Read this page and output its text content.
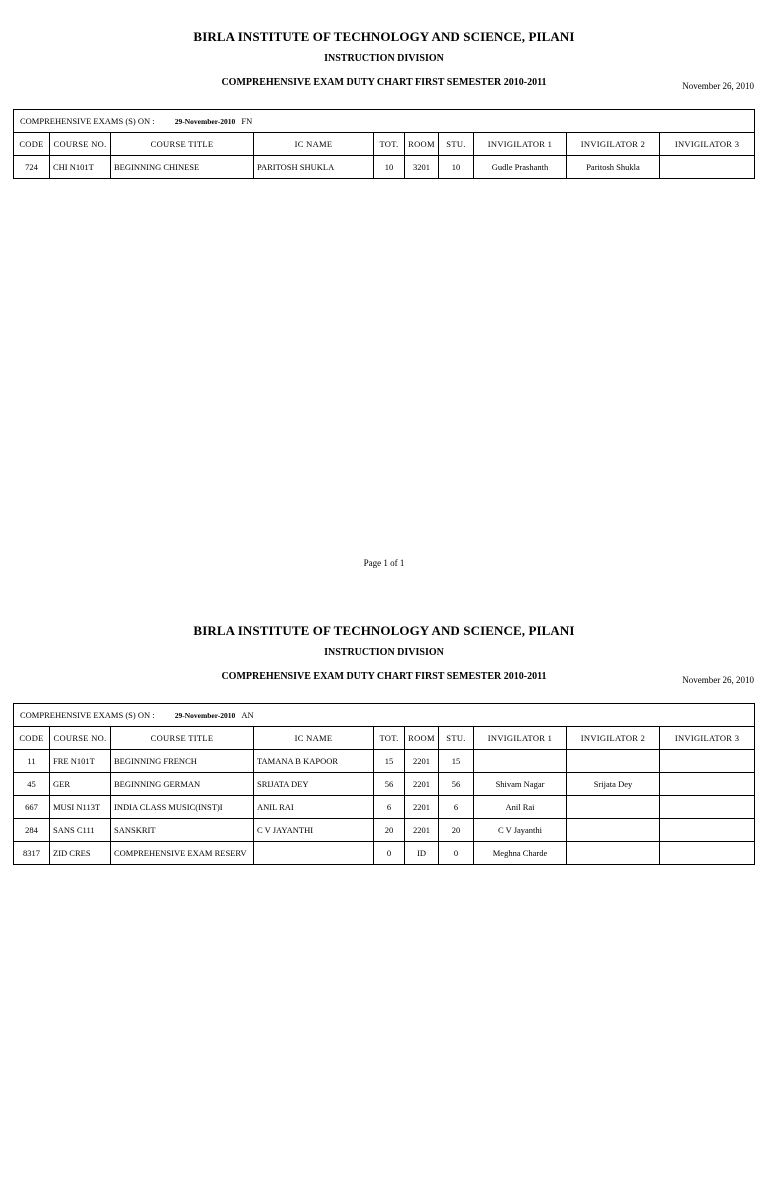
BIRLA INSTITUTE OF TECHNOLOGY AND SCIENCE, PILANI
INSTRUCTION DIVISION
COMPREHENSIVE EXAM DUTY CHART FIRST SEMESTER 2010-2011	November 26, 2010
COMPREHENSIVE EXAMS (S) ON : 29-November-2010 FN									
CODE	COURSE NO.	COURSE TITLE	IC NAME	TOT.	ROOM	STU.	INVIGILATOR 1	INVIGILATOR 2	INVIGILATOR 3
724	CHI N101T	BEGINNING CHINESE	PARITOSH SHUKLA	10	3201	10	Gudle Prashanth	Paritosh Shukla	
Page 1 of 1
BIRLA INSTITUTE OF TECHNOLOGY AND SCIENCE, PILANI
INSTRUCTION DIVISION
COMPREHENSIVE EXAM DUTY CHART FIRST SEMESTER 2010-2011	November 26, 2010
COMPREHENSIVE EXAMS (S) ON : 29-November-2010 AN									
CODE	COURSE NO.	COURSE TITLE	IC NAME	TOT.	ROOM	STU.	INVIGILATOR 1	INVIGILATOR 2	INVIGILATOR 3
11	FRE N101T	BEGINNING FRENCH	TAMANA B KAPOOR	15	2201	15			
45	GER	BEGINNING GERMAN	SRIJATA DEY	56	2201	56	Shivam Nagar	Srijata Dey	
667	MUSI N113T	INDIA CLASS MUSIC(INST)I	ANIL RAI	6	2201	6	Anil Rai		
284	SANS C111	SANSKRIT	C V JAYANTHI	20	2201	20	C V Jayanthi		
8317	ZID CRES	COMPREHENSIVE EXAM RESERV		0	ID	0	Meghna Charde		
